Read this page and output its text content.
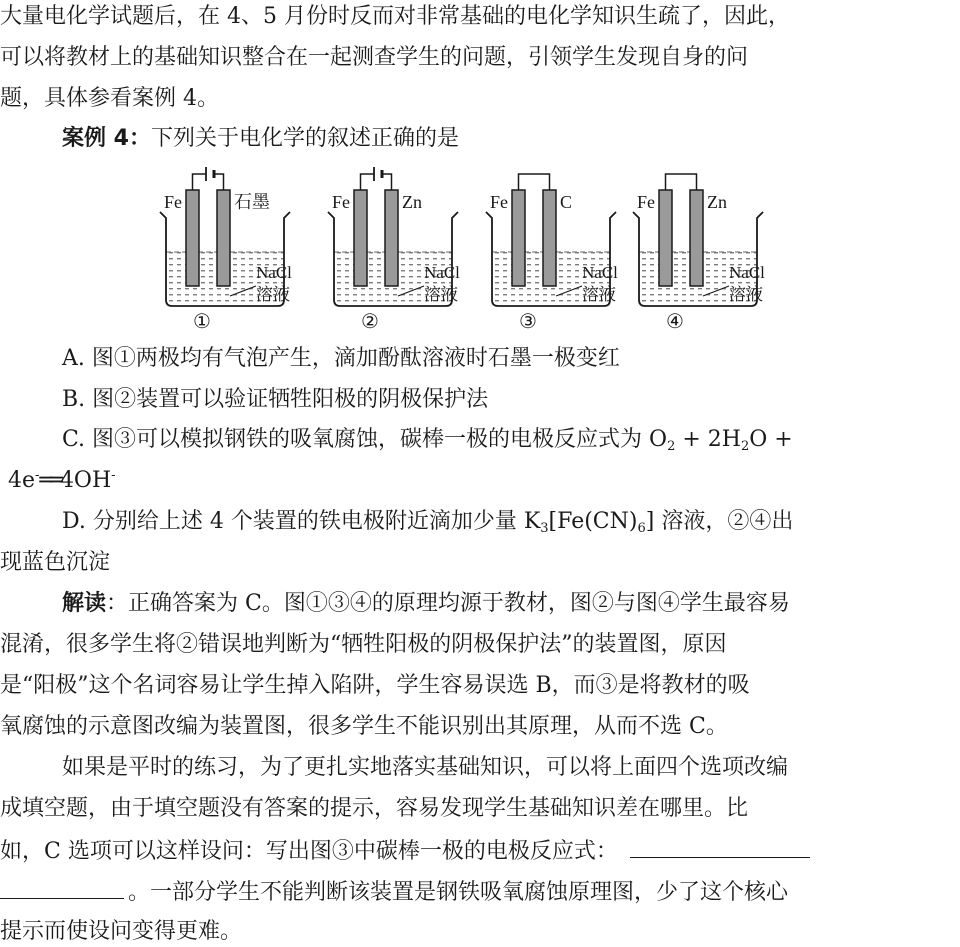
大量电化学试题后，在 4、5 月份时反而对非常基础的电化学知识生疏了，因此，
可以将教材上的基础知识整合在一起测查学生的问题，引领学生发现自身的问
题，具体参看案例 4。
案例 4：下列关于电化学的叙述正确的是
Fe	石墨
NaCl
溶液
①
Fe	Zn
NaCl
溶液
②
Fe	C
NaCl
溶液
③
Fe	Zn
NaCl
溶液
④
A. 图①两极均有气泡产生，滴加酚酞溶液时石墨一极变红
B. 图②装置可以验证牺牲阳极的阴极保护法
C. 图③可以模拟钢铁的吸氧腐蚀，碳棒一极的电极反应式为 $O_2 + 2H_2O$ +
4e-══4OH-
D. 分别给上述 4 个装置的铁电极附近滴加少量 $K_3[Fe(CN)_6]$ 溶液，②④出
现蓝色沉淀
解读：正确答案为 C。图①③④的原理均源于教材，图②与图④学生最容易
混淆，很多学生将②错误地判断为“牺牲阳极的阴极保护法”的装置图，原因
是“阳极”这个名词容易让学生掉入陷阱，学生容易误选 B，而③是将教材的吸
氧腐蚀的示意图改编为装置图，很多学生不能识别出其原理，从而不选 C。
如果是平时的练习，为了更扎实地落实基础知识，可以将上面四个选项改编
成填空题，由于填空题没有答案的提示，容易发现学生基础知识差在哪里。比
如，C 选项可以这样设问：写出图③中碳棒一极的电极反应式：
。一部分学生不能判断该装置是钢铁吸氧腐蚀原理图，少了这个核心
提示而使设问变得更难。
